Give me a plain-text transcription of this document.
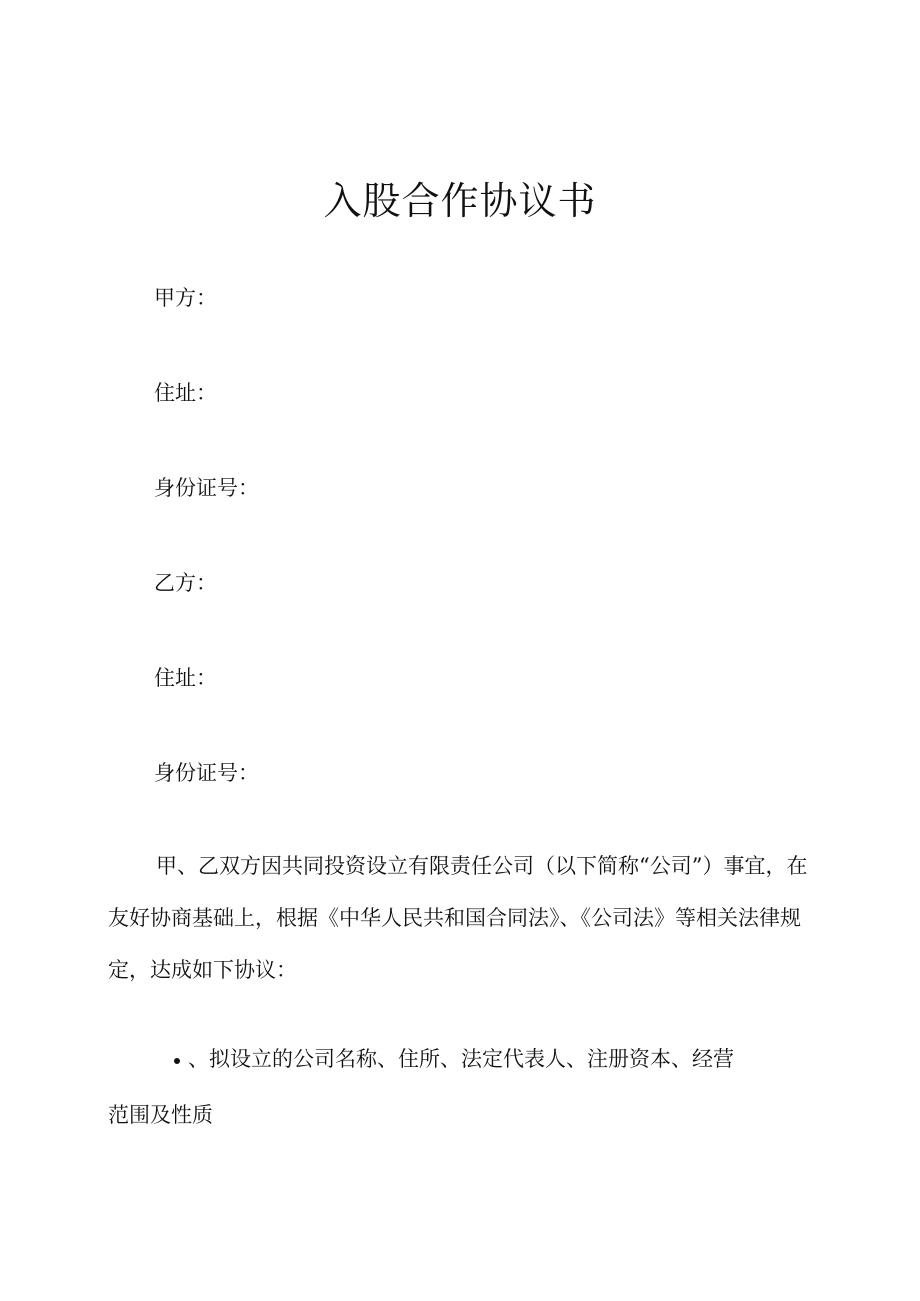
入股合作协议书
甲方：
住址：
身份证号：
乙方：
住址：
身份证号：
甲、乙双方因共同投资设立有限责任公司（以下简称“公司”）事宜，在友好协商基础上，根据《中华人民共和国合同法》、《公司法》等相关法律规定，达成如下协议：
、拟设立的公司名称、住所、法定代表人、注册资本、经营
范围及性质
